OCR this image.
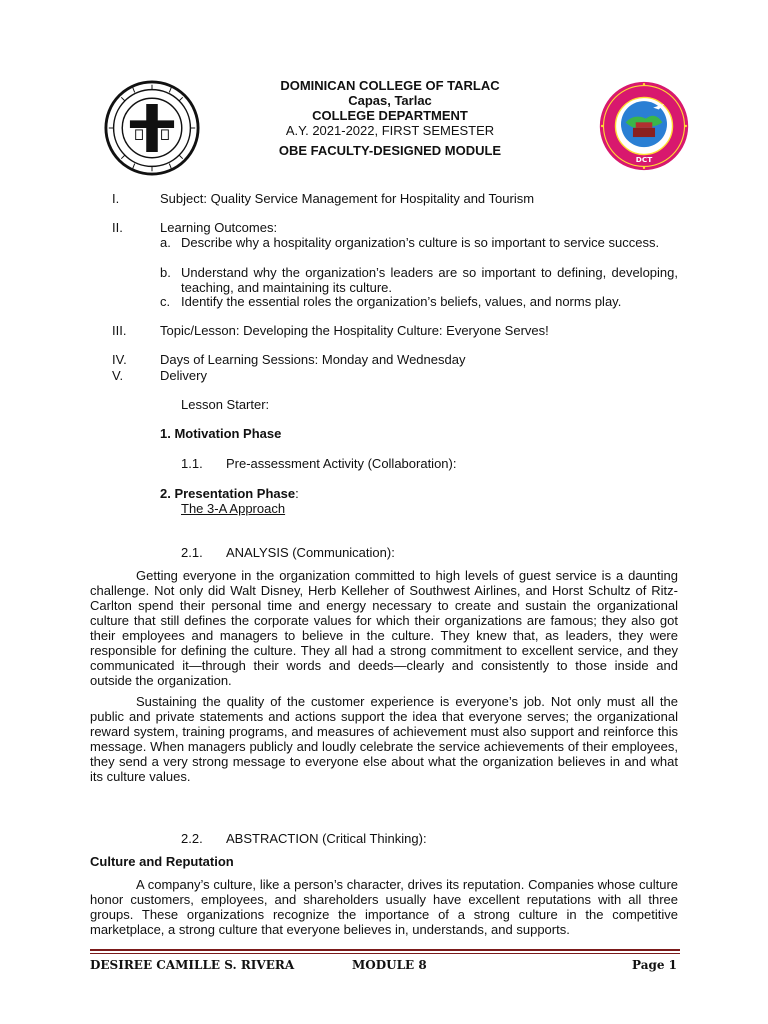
DCT
DOMINICAN COLLEGE OF TARLAC
Capas, Tarlac
COLLEGE DEPARTMENT
A.Y. 2021-2022, FIRST SEMESTER
OBE FACULTY-DESIGNED MODULE
I.	Subject: Quality Service Management for Hospitality and Tourism
II.	Learning Outcomes:
a. Describe why a hospitality organization’s culture is so important to service success.
b. Understand why the organization’s leaders are so important to defining, developing, teaching, and maintaining its culture.
c. Identify the essential roles the organization’s beliefs, values, and norms play.
III.	Topic/Lesson: Developing the Hospitality Culture: Everyone Serves!
IV.	Days of Learning Sessions: Monday and Wednesday
V.	Delivery
Lesson Starter:
1. Motivation Phase
1.1. Pre-assessment Activity (Collaboration):
2. Presentation Phase:
The 3-A Approach
2.1. ANALYSIS (Communication):
Getting everyone in the organization committed to high levels of guest service is a daunting challenge. Not only did Walt Disney, Herb Kelleher of Southwest Airlines, and Horst Schultz of Ritz-Carlton spend their personal time and energy necessary to create and sustain the organizational culture that still defines the corporate values for which their organizations are famous; they also got their employees and managers to believe in the culture. They knew that, as leaders, they were responsible for defining the culture. They all had a strong commitment to excellent service, and they communicated it—through their words and deeds—clearly and consistently to those inside and outside the organization.
Sustaining the quality of the customer experience is everyone’s job. Not only must all the public and private statements and actions support the idea that everyone serves; the organizational reward system, training programs, and measures of achievement must also support and reinforce this message. When managers publicly and loudly celebrate the service achievements of their employees, they send a very strong message to everyone else about what the organization believes in and what its culture values.
2.2. ABSTRACTION (Critical Thinking):
Culture and Reputation
A company’s culture, like a person’s character, drives its reputation. Companies whose culture honor customers, employees, and shareholders usually have excellent reputations with all three groups. These organizations recognize the importance of a strong culture in the competitive marketplace, a strong culture that everyone believes in, understands, and supports.
DESIREE CAMILLE S. RIVERA	MODULE 8	Page 1
